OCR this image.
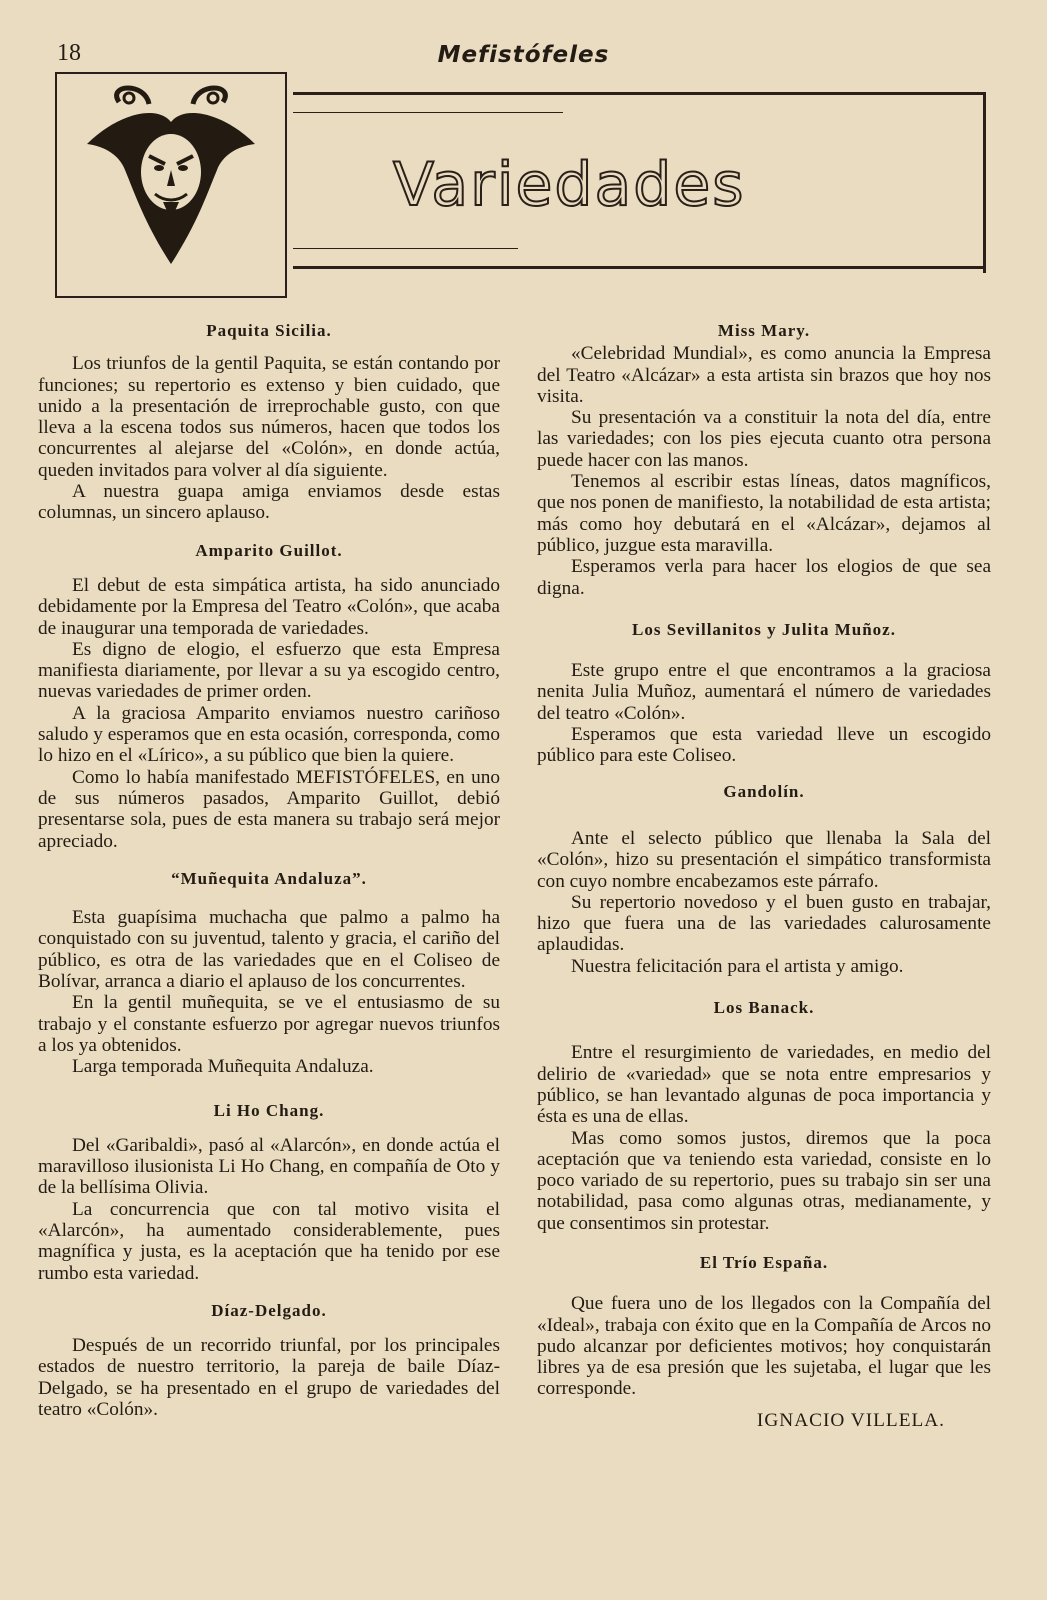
18	Mefistófeles
Variedades
Paquita Sicilia.

Los triunfos de la gentil Paquita, se están contando por funciones; su repertorio es extenso y bien cuidado, que unido a la presentación de irreprochable gusto, con que lleva a la escena todos sus números, hacen que todos los concurrentes al alejarse del «Colón», en donde actúa, queden invitados para volver al día siguiente.

A nuestra guapa amiga enviamos desde estas columnas, un sincero aplauso.

Amparito Guillot.

El debut de esta simpática artista, ha sido anunciado debidamente por la Empresa del Teatro «Colón», que acaba de inaugurar una temporada de variedades.

Es digno de elogio, el esfuerzo que esta Empresa manifiesta diariamente, por llevar a su ya escogido centro, nuevas variedades de primer orden.

A la graciosa Amparito enviamos nuestro cariñoso saludo y esperamos que en esta ocasión, corresponda, como lo hizo en el «Lírico», a su público que bien la quiere.

Como lo había manifestado MEFISTÓFELES, en uno de sus números pasados, Amparito Guillot, debió presentarse sola, pues de esta manera su trabajo será mejor apreciado.

“Muñequita Andaluza”.

Esta guapísima muchacha que palmo a palmo ha conquistado con su juventud, talento y gracia, el cariño del público, es otra de las variedades que en el Coliseo de Bolívar, arranca a diario el aplauso de los concurrentes.

En la gentil muñequita, se ve el entusiasmo de su trabajo y el constante esfuerzo por agregar nuevos triunfos a los ya obtenidos.

Larga temporada Muñequita Andaluza.

Li Ho Chang.

Del «Garibaldi», pasó al «Alarcón», en donde actúa el maravilloso ilusionista Li Ho Chang, en compañía de Oto y de la bellísima Olivia.

La concurrencia que con tal motivo visita el «Alarcón», ha aumentado considerablemente, pues magnífica y justa, es la aceptación que ha tenido por ese rumbo esta variedad.

Díaz-Delgado.

Después de un recorrido triunfal, por los principales estados de nuestro territorio, la pareja de baile Díaz-Delgado, se ha presentado en el grupo de variedades del teatro «Colón».

Miss Mary.

«Celebridad Mundial», es como anuncia la Empresa del Teatro «Alcázar» a esta artista sin brazos que hoy nos visita.

Su presentación va a constituir la nota del día, entre las variedades; con los pies ejecuta cuanto otra persona puede hacer con las manos.

Tenemos al escribir estas líneas, datos magníficos, que nos ponen de manifiesto, la notabilidad de esta artista; más como hoy debutará en el «Alcázar», dejamos al público, juzgue esta maravilla.

Esperamos verla para hacer los elogios de que sea digna.

Los Sevillanitos y Julita Muñoz.

Este grupo entre el que encontramos a la graciosa nenita Julia Muñoz, aumentará el número de variedades del teatro «Colón».

Esperamos que esta variedad lleve un escogido público para este Coliseo.

Gandolín.

Ante el selecto público que llenaba la Sala del «Colón», hizo su presentación el simpático transformista con cuyo nombre encabezamos este párrafo.

Su repertorio novedoso y el buen gusto en trabajar, hizo que fuera una de las variedades calurosamente aplaudidas.

Nuestra felicitación para el artista y amigo.

Los Banack.

Entre el resurgimiento de variedades, en medio del delirio de «variedad» que se nota entre empresarios y público, se han levantado algunas de poca importancia y ésta es una de ellas.

Mas como somos justos, diremos que la poca aceptación que va teniendo esta variedad, consiste en lo poco variado de su repertorio, pues su trabajo sin ser una notabilidad, pasa como algunas otras, medianamente, y que consentimos sin protestar.

El Trío España.

Que fuera uno de los llegados con la Compañía del «Ideal», trabaja con éxito que en la Compañía de Arcos no pudo alcanzar por deficientes motivos; hoy conquistarán libres ya de esa presión que les sujetaba, el lugar que les corresponde.

IGNACIO VILLELA.
